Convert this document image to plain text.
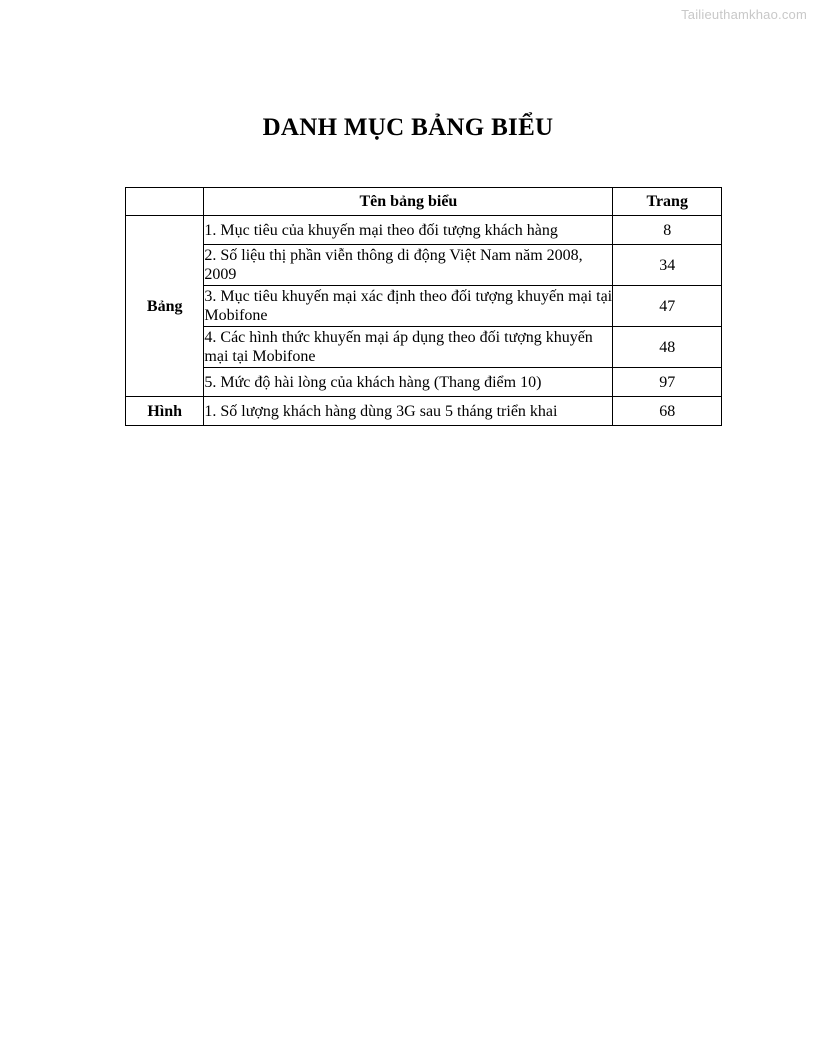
Tailieuthamkhao.com
DANH MỤC BẢNG BIỂU
	Tên bảng biểu	Trang
Bảng	1. Mục tiêu của khuyến mại theo đối tượng khách hàng	8
	2. Số liệu thị phần viễn thông di động Việt Nam năm 2008, 2009	34
	3. Mục tiêu khuyến mại xác định theo đối tượng khuyến mại tại Mobifone	47
	4. Các hình thức khuyến mại áp dụng theo đối tượng khuyến mại tại Mobifone	48
	5. Mức độ hài lòng của khách hàng (Thang điểm 10)	97
Hình	1. Số lượng khách hàng dùng 3G sau 5 tháng triển khai	68
